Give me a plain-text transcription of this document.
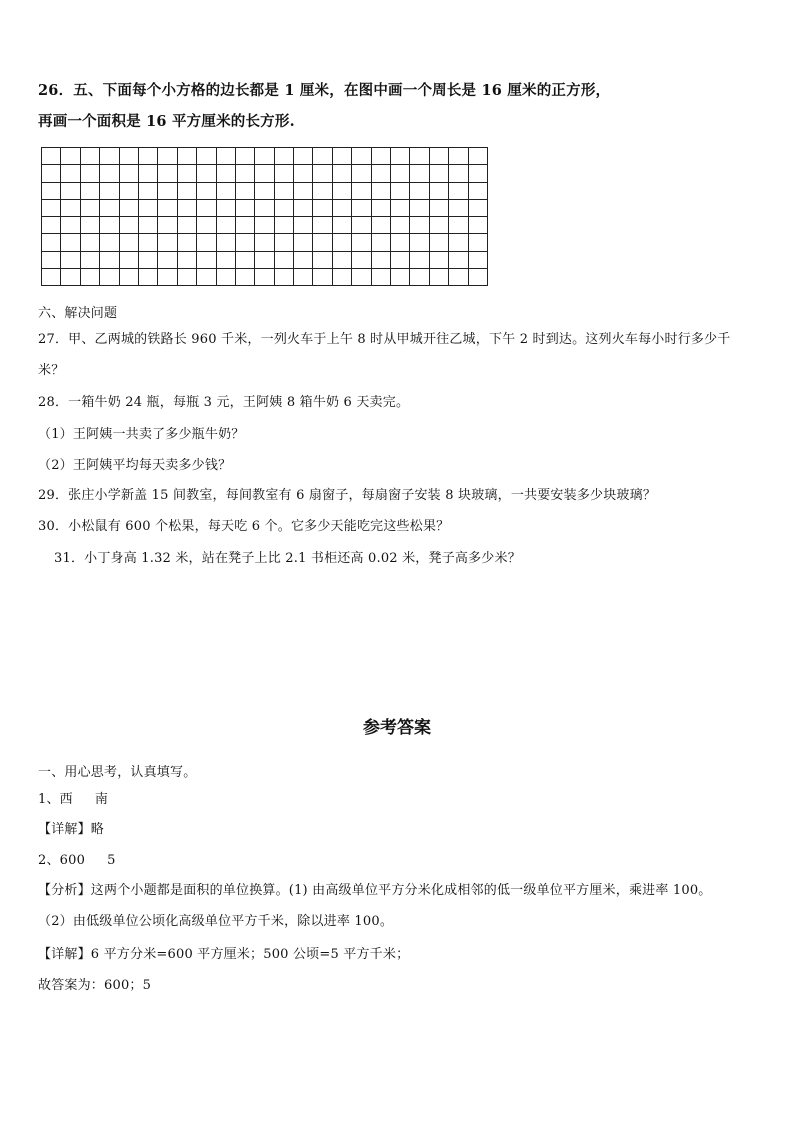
26．五、下面每个小方格的边长都是 1 厘米，在图中画一个周长是 16 厘米的正方形，
再画一个面积是 16 平方厘米的长方形.

六、解决问题
27．甲、乙两城的铁路长 960 千米，一列火车于上午 8 时从甲城开往乙城，下午 2 时到达。这列火车每小时行多少千
米？
28．一箱牛奶 24 瓶，每瓶 3 元，王阿姨 8 箱牛奶 6 天卖完。
（1）王阿姨一共卖了多少瓶牛奶？
（2）王阿姨平均每天卖多少钱？
29．张庄小学新盖 15 间教室，每间教室有 6 扇窗子，每扇窗子安装 8 块玻璃，一共要安装多少块玻璃？
30．小松鼠有 600 个松果，每天吃 6 个。它多少天能吃完这些松果？
31．小丁身高 1.32 米，站在凳子上比 2.1 书柜还高 0.02 米，凳子高多少米？
参考答案
一、用心思考，认真填写。
1、西 南
【详解】略
2、600 5
【分析】这两个小题都是面积的单位换算。(1) 由高级单位平方分米化成相邻的低一级单位平方厘米，乘进率 100。
（2）由低级单位公顷化高级单位平方千米，除以进率 100。
【详解】6 平方分米=600 平方厘米；500 公顷=5 平方千米；
故答案为：600；5
